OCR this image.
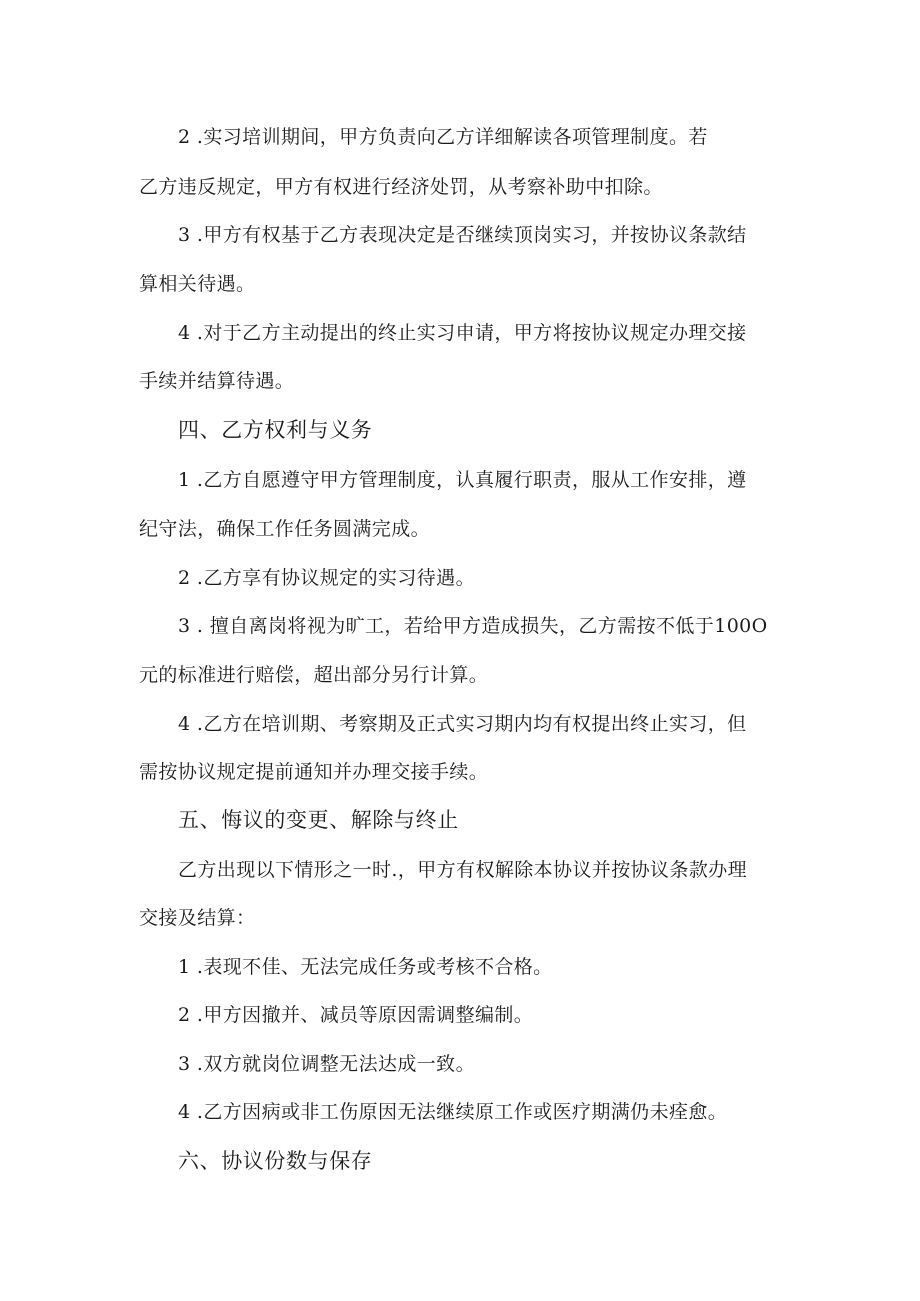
2 .实习培训期间，甲方负责向乙方详细解读各项管理制度。若
乙方违反规定，甲方有权进行经济处罚，从考察补助中扣除。
3 .甲方有权基于乙方表现决定是否继续顶岗实习，并按协议条款结
算相关待遇。
4 .对于乙方主动提出的终止实习申请，甲方将按协议规定办理交接
手续并结算待遇。
四、乙方权利与义务
1 .乙方自愿遵守甲方管理制度，认真履行职责，服从工作安排，遵
纪守法，确保工作任务圆满完成。
2 .乙方享有协议规定的实习待遇。
3 . 擅自离岗将视为旷工，若给甲方造成损失，乙方需按不低于100O
元的标准进行赔偿，超出部分另行计算。
4 .乙方在培训期、考察期及正式实习期内均有权提出终止实习，但
需按协议规定提前通知并办理交接手续。
五、悔议的变更、解除与终止
乙方出现以下情形之一时.，甲方有权解除本协议并按协议条款办理
交接及结算：
1 .表现不佳、无法完成任务或考核不合格。
2 .甲方因撤并、减员等原因需调整编制。
3 .双方就岗位调整无法达成一致。
4 .乙方因病或非工伤原因无法继续原工作或医疗期满仍未痊愈。
六、协议份数与保存
